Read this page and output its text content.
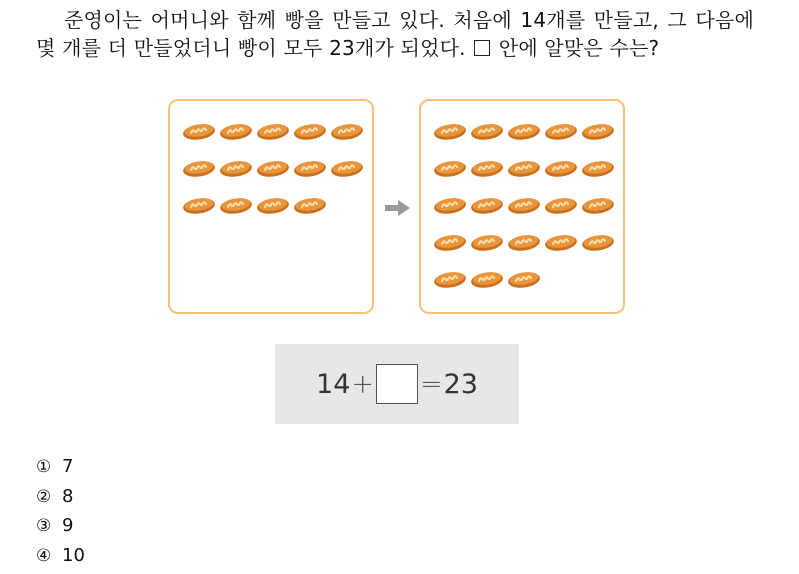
준영이는 어머니와 함께 빵을 만들고 있다. 처음에 14개를 만들고, 그 다음에 몇 개를 더 만들었더니 빵이 모두 23개가 되었다. 안에 알맞은 수는?
14 + = 23
① 7
② 8
③ 9
④ 10
